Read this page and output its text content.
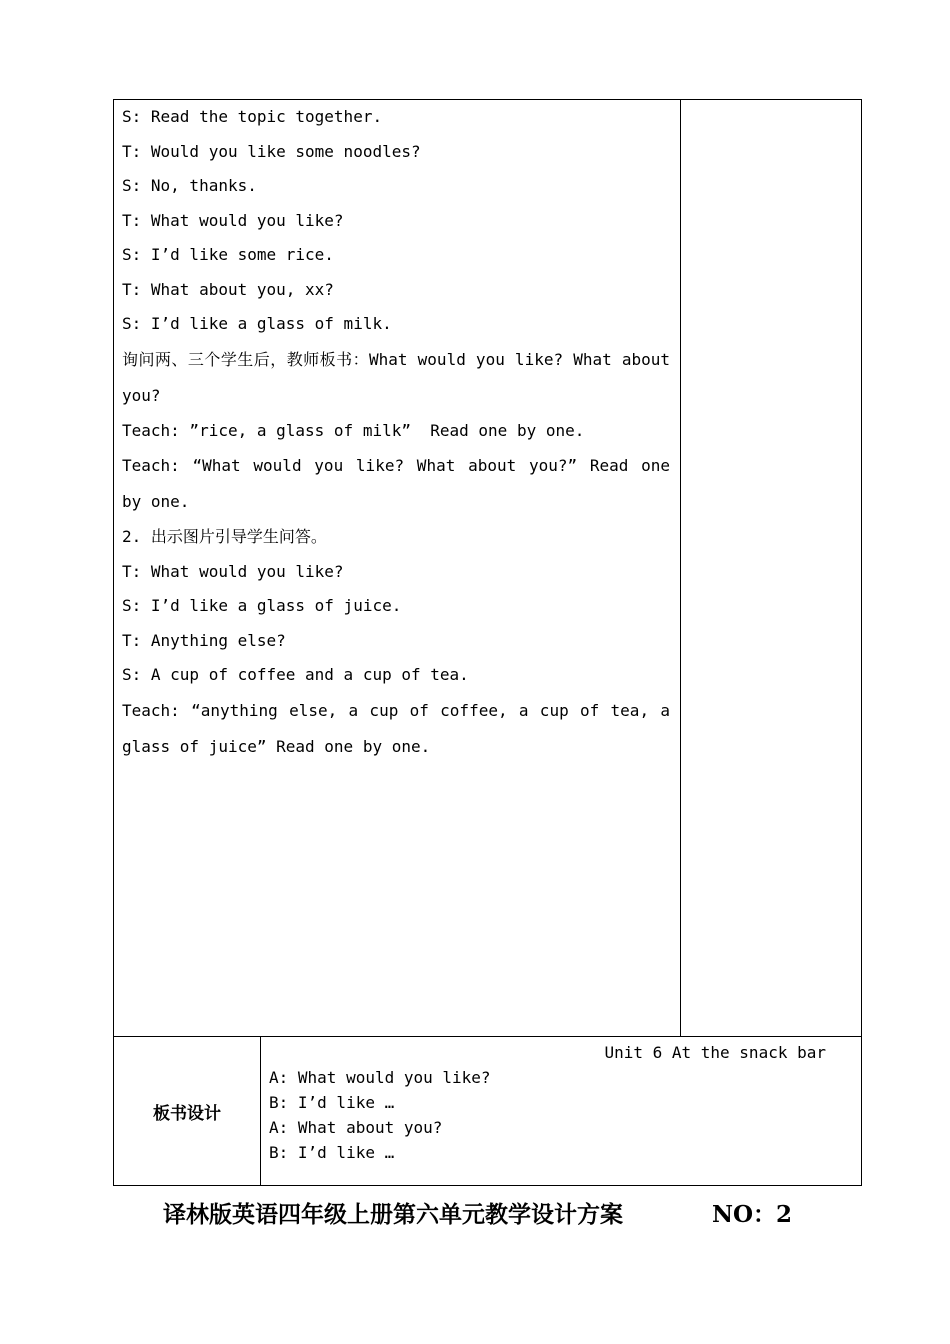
S: Read the topic together.
T: Would you like some noodles?
S: No, thanks.
T: What would you like?
S: I’d like some rice.
T: What about you, xx?
S: I’d like a glass of milk.
询问两、三个学生后，教师板书：What would you like? What about you?
Teach: ”rice, a glass of milk”  Read one by one.
Teach: “What would you like? What about you?” Read one by one.
2. 出示图片引导学生问答。
T: What would you like?
S: I’d like a glass of juice.
T: Anything else?
S: A cup of coffee and a cup of tea.
Teach: “anything else, a cup of coffee, a cup of tea, a glass of juice” Read one by one.
板书设计
Unit 6 At the snack bar
A: What would you like?
B: I’d like …
A: What about you?
B: I’d like …
译林版英语四年级上册第六单元教学设计方案	NO：2
